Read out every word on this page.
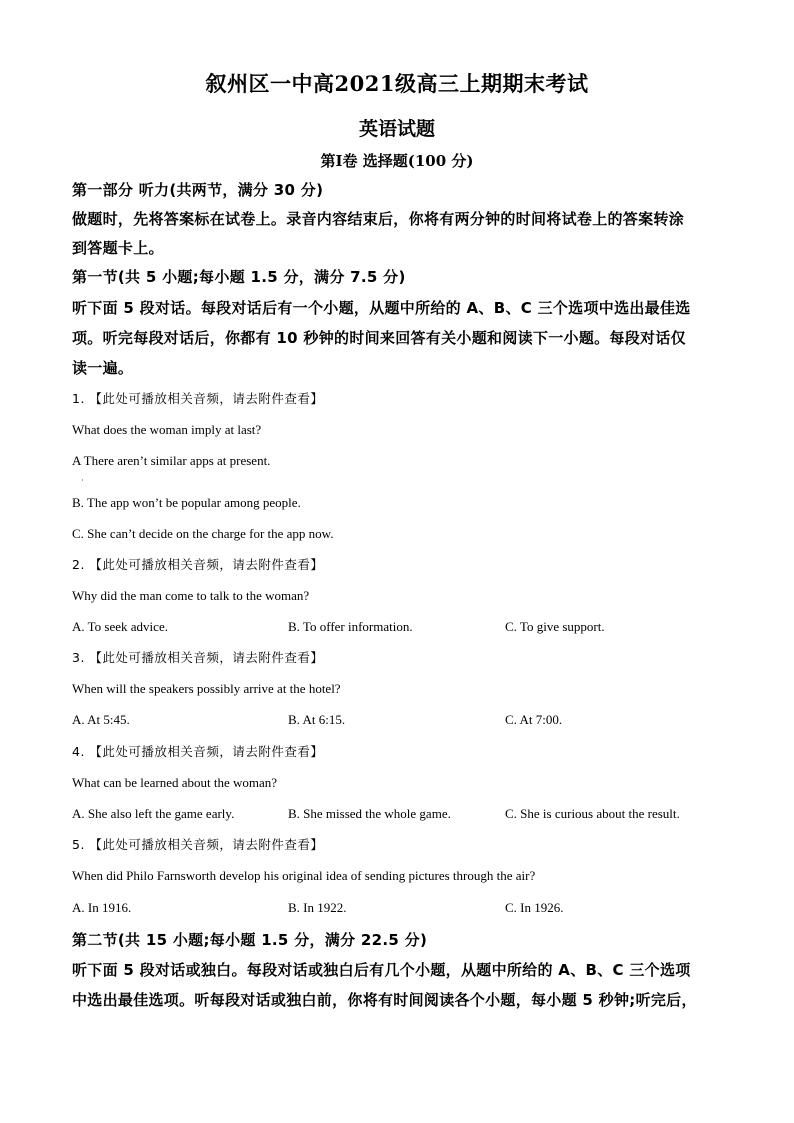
叙州区一中高2021级高三上期期末考试
英语试题
第Ⅰ卷 选择题(100 分)
第一部分 听力(共两节，满分 30 分)
做题时，先将答案标在试卷上。录音内容结束后，你将有两分钟的时间将试卷上的答案转涂
到答题卡上。
第一节(共 5 小题;每小题 1.5 分，满分 7.5 分)
听下面 5 段对话。每段对话后有一个小题，从题中所给的 A、B、C 三个选项中选出最佳选
项。听完每段对话后，你都有 10 秒钟的时间来回答有关小题和阅读下一小题。每段对话仅
读一遍。
1. 【此处可播放相关音频，请去附件查看】
What does the woman imply at last?
A There aren’t similar apps at present.
·
B. The app won’t be popular among people.
C. She can’t decide on the charge for the app now.
2. 【此处可播放相关音频，请去附件查看】
Why did the man come to talk to the woman?
A. To seek advice.	B. To offer information.	C. To give support.
3. 【此处可播放相关音频，请去附件查看】
When will the speakers possibly arrive at the hotel?
A. At 5:45.	B. At 6:15.	C. At 7:00.
4. 【此处可播放相关音频，请去附件查看】
What can be learned about the woman?
A. She also left the game early.	B. She missed the whole game.	C. She is curious about the result.
5. 【此处可播放相关音频，请去附件查看】
When did Philo Farnsworth develop his original idea of sending pictures through the air?
A. In 1916.	B. In 1922.	C. In 1926.
第二节(共 15 小题;每小题 1.5 分，满分 22.5 分)
听下面 5 段对话或独白。每段对话或独白后有几个小题，从题中所给的 A、B、C 三个选项
中选出最佳选项。听每段对话或独白前，你将有时间阅读各个小题，每小题 5 秒钟;听完后，
